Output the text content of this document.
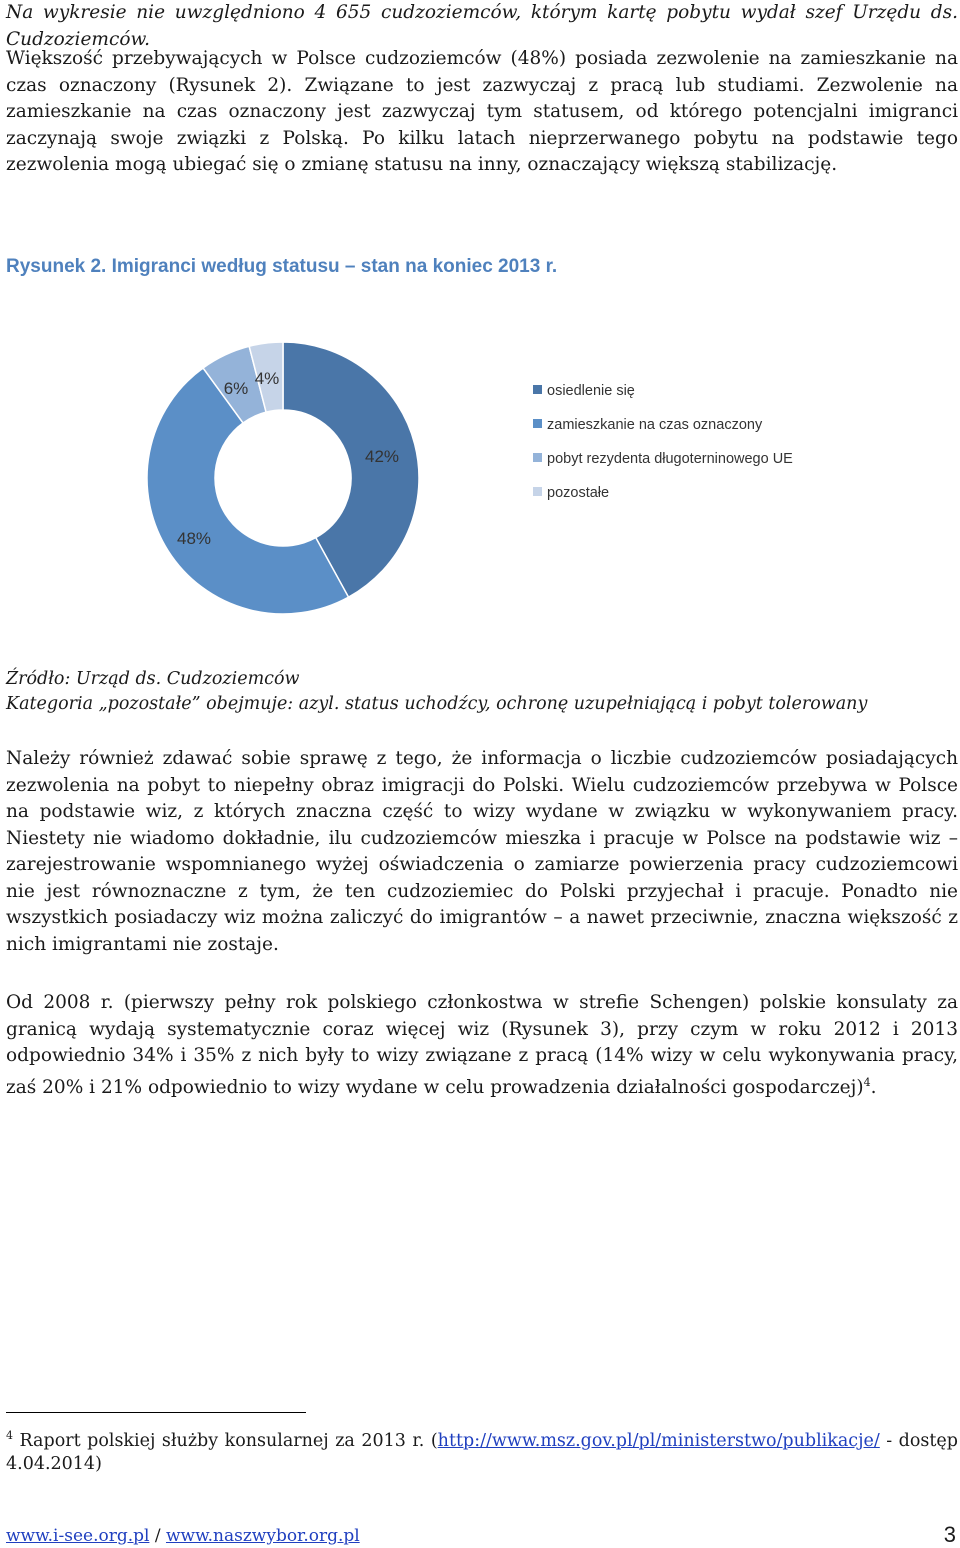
Na wykresie nie uwzględniono 4 655 cudzoziemców, którym kartę pobytu wydał szef Urzędu ds. Cudzoziemców.

Większość przebywających w Polsce cudzoziemców (48%) posiada zezwolenie na zamieszkanie na czas oznaczony (Rysunek 2). Związane to jest zazwyczaj z pracą lub studiami. Zezwolenie na zamieszkanie na czas oznaczony jest zazwyczaj tym statusem, od którego potencjalni imigranci zaczynają swoje związki z Polską. Po kilku latach nieprzerwanego pobytu na podstawie tego zezwolenia mogą ubiegać się o zmianę statusu na inny, oznaczający większą stabilizację.

Rysunek 2. Imigranci według statusu – stan na koniec 2013 r.

42%
48%
6%
4%
osiedlenie się
zamieszkanie na czas oznaczony
pobyt rezydenta długoterninowego UE
pozostałe

Źródło: Urząd ds. Cudzoziemców

Kategoria „pozostałe” obejmuje: azyl. status uchodźcy, ochronę uzupełniającą i pobyt tolerowany

Należy również zdawać sobie sprawę z tego, że informacja o liczbie cudzoziemców posiadających zezwolenia na pobyt to niepełny obraz imigracji do Polski. Wielu cudzoziemców przebywa w Polsce na podstawie wiz, z których znaczna część to wizy wydane w związku w wykonywaniem pracy. Niestety nie wiadomo dokładnie, ilu cudzoziemców mieszka i pracuje w Polsce na podstawie wiz – zarejestrowanie wspomnianego wyżej oświadczenia o zamiarze powierzenia pracy cudzoziemcowi nie jest równoznaczne z tym, że ten cudzoziemiec do Polski przyjechał i pracuje. Ponadto nie wszystkich posiadaczy wiz można zaliczyć do imigrantów – a nawet przeciwnie, znaczna większość z nich imigrantami nie zostaje.

Od 2008 r. (pierwszy pełny rok polskiego członkostwa w strefie Schengen) polskie konsulaty za granicą wydają systematycznie coraz więcej wiz (Rysunek 3), przy czym w roku 2012 i 2013 odpowiednio 34% i 35% z nich były to wizy związane z pracą (14% wizy w celu wykonywania pracy, zaś 20% i 21% odpowiednio to wizy wydane w celu prowadzenia działalności gospodarczej)$^4$.

$^4$ Raport polskiej służby konsularnej za 2013 r. (http://www.msz.gov.pl/pl/ministerstwo/publikacje/ - dostęp 4.04.2014)

www.i-see.org.pl / www.naszwybor.org.pl	3
